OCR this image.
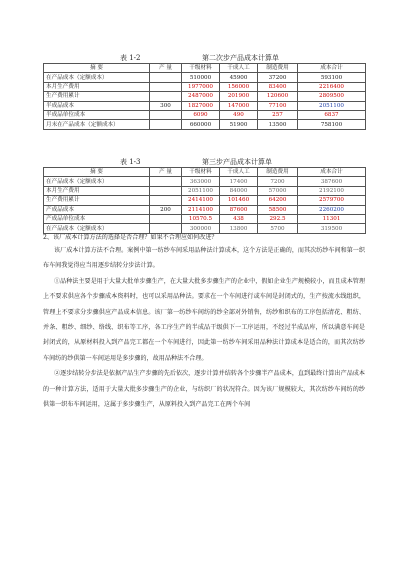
表 1-2	第二次步产品成本计算单
摘 要	产 量	干级材料	干成人工	制造费用	成本合计
在产品成本（定额成本）		510000	45900	37200	593100
本月生产费用		1977000	156000	83400	2216400
生产费用累计		2487000	201900	120600	2809500
半成品成本	300	1827000	147000	77100	2051100
半成品单位成本		6090	490	257	6837
月末在产品成本（定额成本）		660000	51900	13500	758100
表 1-3	第三步产品成本计算单
摘 要	产 量	干级材料	干成人工	制造费用	成本合计
在产品成本（定额成本）		363000	17400	7200	387600
本月生产费用		2051100	84000	57000	2192100
生产费用累计		2414100	101460	64200	2579700
产成品成本	200	2114100	87600	58500	2260200
产成品单位成本		10570.5	438	292.5	11301
在产品成本（定额成本）		300000	13800	5700	319500
2、该厂成本计算方法的选择是否合理？如果不合理应如何改进？

该厂成本计算方法不合理。案例中第一纺纱车间采用品种法计算成本，这个方法是正确的，而其次纺纱车间和第一织布车间我觉得应当用逐步结转分步法计算。

①品种法主要是用于大量大批单步骤生产，在大量大批多步骤生产的企业中，假如企业生产规模较小，而且成本管理上不要求供应各个步骤成本资料时，也可以采用品种法。要求在一个车间进行或车间是封闭式的，生产按流水线组织，管理上不要求分步骤供应产品成本信息。该厂第一纺纱车间纺的纱全部对外销售，纺纱和织布的工序包括清花、粗纺、并条、粗纱、细纱、络线、织布等工序，各工序生产的半成品干级供下一工序运用，不经过半成品库，所以满意车间是封闭式的，从原材料投入到产品完工都在一个车间进行，因此第一纺纱车间采用品种法计算成本是适合的，而其次纺纱车间纺的纱供第一车间运用是多步骤的，故用品种法不合理。

②逐步结转分步法是依据产品生产步骤的先后依次，逐步计算并结转各个步骤半产品成本，直到最终计算出产品成本的一种计算方法，适用于大量大批多步骤生产的企业，与纺织厂的状况符合。因为该厂规模较大，其次纺纱车间纺的纱供第一织布车间运用，这属于多步骤生产，从原料投入到产品完工在两个车间
